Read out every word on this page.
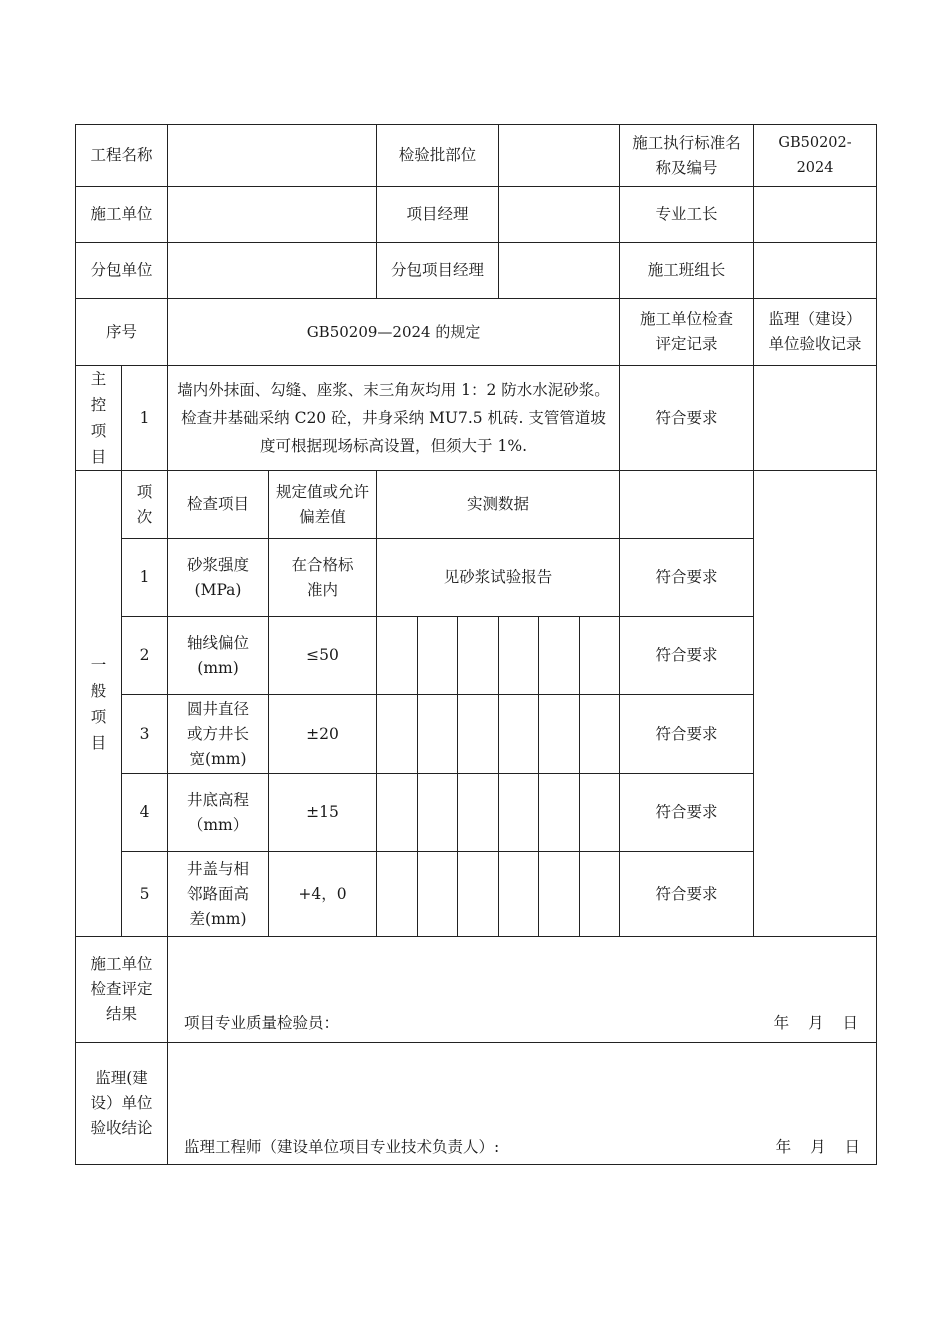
工程名称				检验批部位						施工执行标准名称及编号	GB50202-2024
施工单位				项目经理						专业工长	
分包单位				分包项目经理						施工班组长	
序号		GB50209—2024 的规定								施工单位检查评定记录	监理（建设）单位验收记录

主控项目	1	墙内外抹面、勾缝、座浆、末三角灰均用 1：2 防水水泥砂浆。检查井基础采纳 C20 砼，井身采纳 MU7.5 机砖. 支管管道坡度可根据现场标高设置，但须大于 1%.								符合要求	

一般项目	项次	检查项目	规定值或允许偏差值	实测数据							
	1	砂浆强度(MPa)	在合格标准内	见砂浆试验报告						符合要求	
	2	轴线偏位(mm)	≤50							符合要求	
	3	圆井直径或方井长宽(mm)	±20							符合要求	
	4	井底高程（mm）	±15							符合要求	
	5	井盖与相邻路面高差(mm)	+4，0							符合要求	
施工单位检查评定结果		项目专业质量检验员： 年 月 日									

监理(建设）单位验收结论		监理工程师（建设单位项目专业技术负责人）: 年 月 日									
